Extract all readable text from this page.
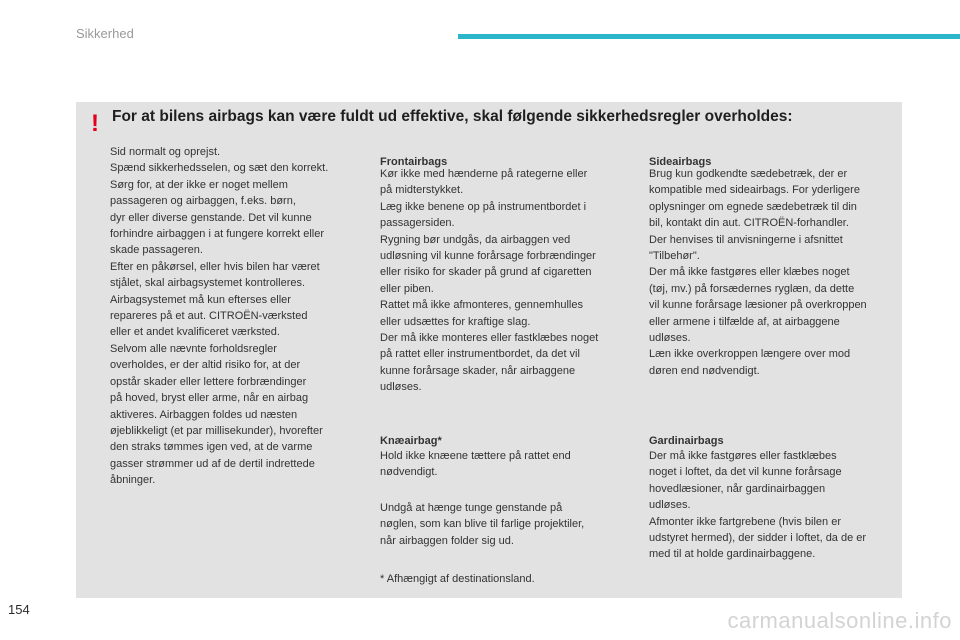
Sikkerhed
! For at bilens airbags kan være fuldt ud effektive, skal følgende sikkerhedsregler overholdes:

Sid normalt og oprejst.

Spænd sikkerhedsselen, og sæt den korrekt.

Sørg for, at der ikke er noget mellem

passageren og airbaggen, f.eks. børn,

dyr eller diverse genstande. Det vil kunne

forhindre airbaggen i at fungere korrekt eller

skade passageren.

Efter en påkørsel, eller hvis bilen har været

stjålet, skal airbagsystemet kontrolleres.

Airbagsystemet må kun efterses eller

repareres på et aut. CITROËN-værksted

eller et andet kvalificeret værksted.

Selvom alle nævnte forholdsregler

overholdes, er der altid risiko for, at der

opstår skader eller lettere forbrændinger

på hoved, bryst eller arme, når en airbag

aktiveres. Airbaggen foldes ud næsten

øjeblikkeligt (et par millisekunder), hvorefter

den straks tømmes igen ved, at de varme

gasser strømmer ud af de dertil indrettede

åbninger.

Frontairbags

Kør ikke med hænderne på rategerne eller

på midterstykket.

Læg ikke benene op på instrumentbordet i

passagersiden.

Rygning bør undgås, da airbaggen ved

udløsning vil kunne forårsage forbrændinger

eller risiko for skader på grund af cigaretten

eller piben.

Rattet må ikke afmonteres, gennemhulles

eller udsættes for kraftige slag.

Der må ikke monteres eller fastklæbes noget

på rattet eller instrumentbordet, da det vil

kunne forårsage skader, når airbaggene

udløses.

Knæairbag*

Hold ikke knæene tættere på rattet end

nødvendigt.

Undgå at hænge tunge genstande på

nøglen, som kan blive til farlige projektiler,

når airbaggen folder sig ud.

* Afhængigt af destinationsland.
Sideairbags

Brug kun godkendte sædebetræk, der er

kompatible med sideairbags. For yderligere

oplysninger om egnede sædebetræk til din

bil, kontakt din aut. CITROËN-forhandler.

Der henvises til anvisningerne i afsnittet

"Tilbehør".

Der må ikke fastgøres eller klæbes noget

(tøj, mv.) på forsædernes ryglæn, da dette

vil kunne forårsage læsioner på overkroppen

eller armene i tilfælde af, at airbaggene

udløses.

Læn ikke overkroppen længere over mod

døren end nødvendigt.

Gardinairbags

Der må ikke fastgøres eller fastklæbes

noget i loftet, da det vil kunne forårsage

hovedlæsioner, når gardinairbaggen

udløses.

Afmonter ikke fartgrebene (hvis bilen er

udstyret hermed), der sidder i loftet, da de er

med til at holde gardinairbaggene.

154	carmanualsonline.info
